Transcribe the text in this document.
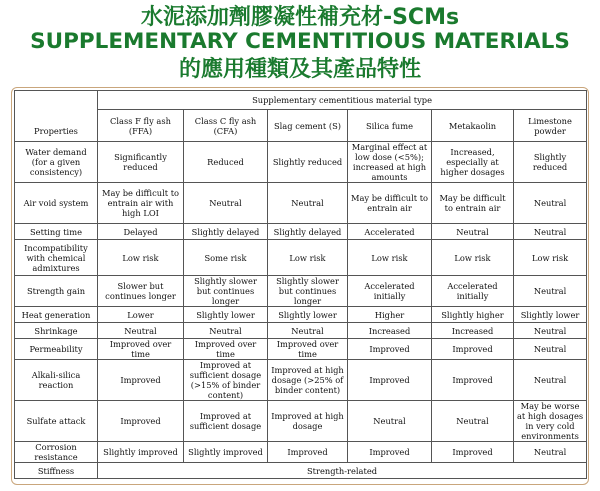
水泥添加劑膠凝性補充材-SCMs
SUPPLEMENTARY CEMENTITIOUS MATERIALS
的應用種類及其產品特性
Properties	Supplementary cementitious material type					
	Class F fly ash (FFA)	Class C fly ash (CFA)	Slag cement (S)	Silica fume	Metakaolin	Limestone powder
Water demand (for a given consistency)	Significantly reduced	Reduced	Slightly reduced	Marginal effect at low dose (<5%); increased at high amounts	Increased, especially at higher dosages	Slightly reduced
Air void system	May be difficult to entrain air with high LOI	Neutral	Neutral	May be difficult to entrain air	May be difficult to entrain air	Neutral
Setting time	Delayed	Slightly delayed	Slightly delayed	Accelerated	Neutral	Neutral
Incompatibility with chemical admixtures	Low risk	Some risk	Low risk	Low risk	Low risk	Low risk
Strength gain	Slower but continues longer	Slightly slower but continues longer	Slightly slower but continues longer	Accelerated initially	Accelerated initially	Neutral
Heat generation	Lower	Slightly lower	Slightly lower	Higher	Slightly higher	Slightly lower
Shrinkage	Neutral	Neutral	Neutral	Increased	Increased	Neutral
Permeability	Improved over time	Improved over time	Improved over time	Improved	Improved	Neutral
Alkali-silica reaction	Improved	Improved at sufficient dosage (>15% of binder content)	Improved at high dosage (>25% of binder content)	Improved	Improved	Neutral
Sulfate attack	Improved	Improved at sufficient dosage	Improved at high dosage	Neutral	Neutral	May be worse at high dosages in very cold environments
Corrosion resistance	Slightly improved	Slightly improved	Improved	Improved	Improved	Neutral
Stiffness	Strength-related					
